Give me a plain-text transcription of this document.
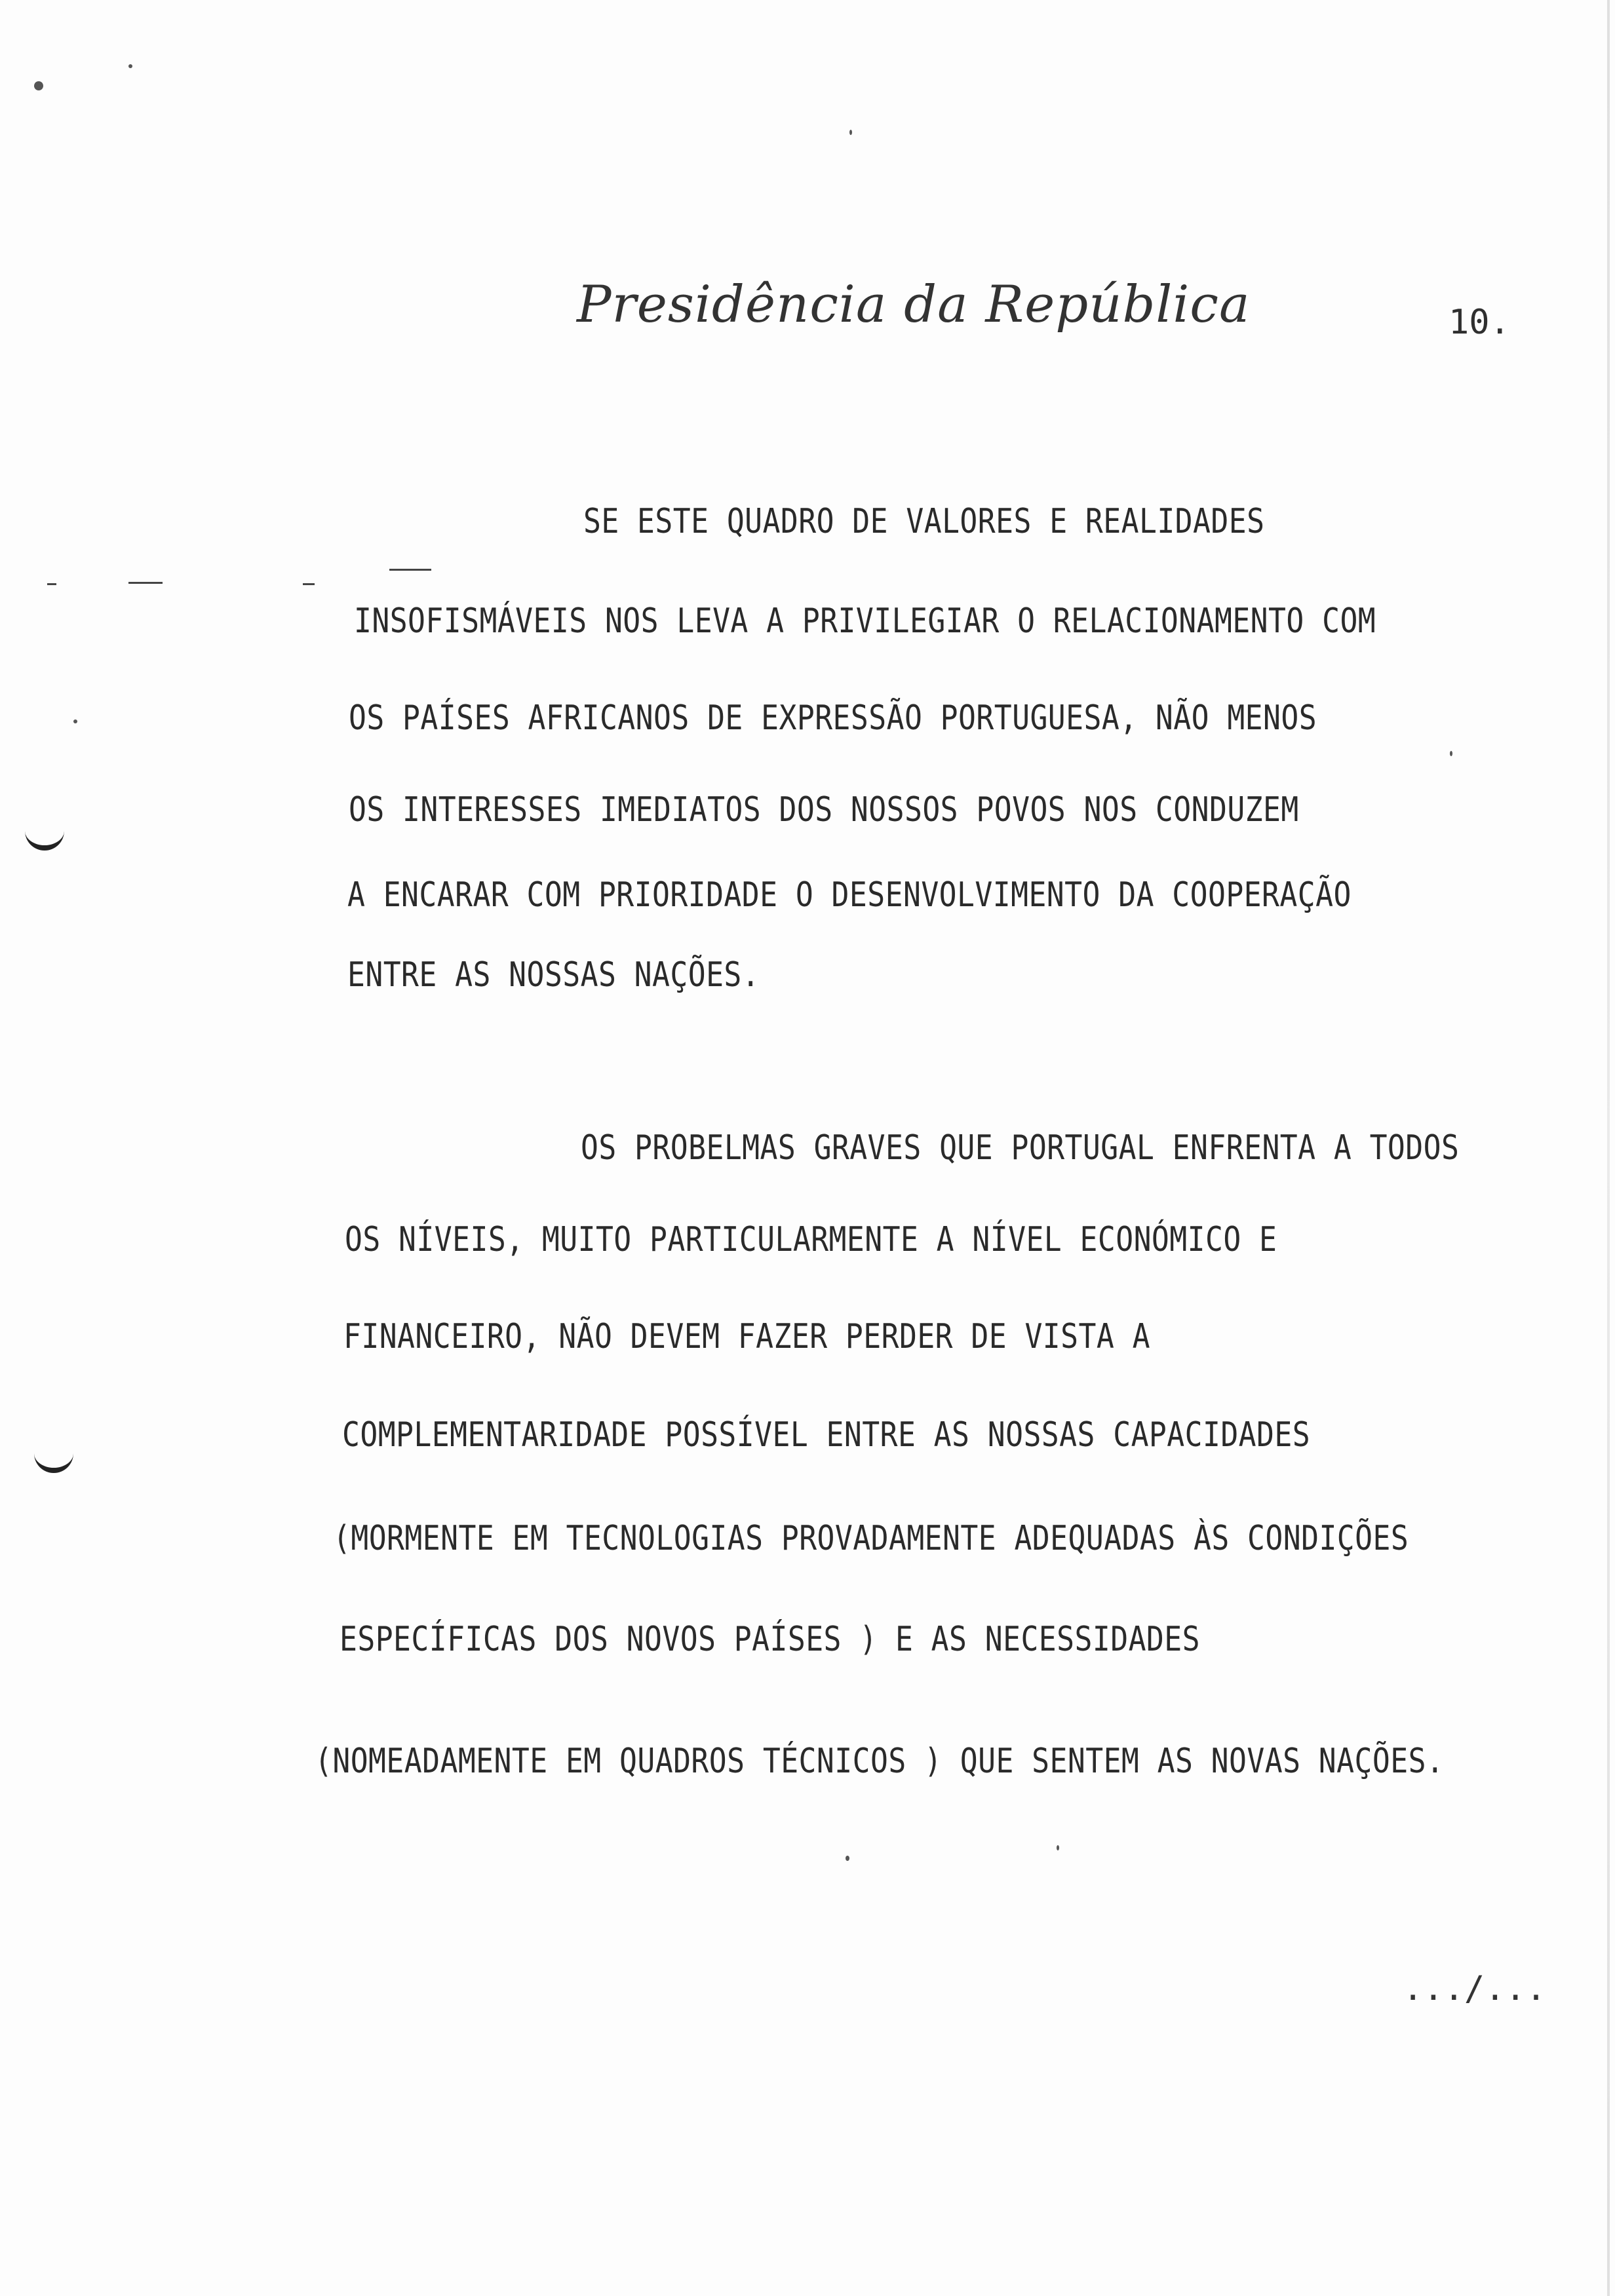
Presidência da República	10.
SE ESTE QUADRO DE VALORES E REALIDADES
INSOFISMÁVEIS NOS LEVA A PRIVILEGIAR O RELACIONAMENTO COM
OS PAÍSES AFRICANOS DE EXPRESSÃO PORTUGUESA, NÃO MENOS
OS INTERESSES IMEDIATOS DOS NOSSOS POVOS NOS CONDUZEM
A ENCARAR COM PRIORIDADE O DESENVOLVIMENTO DA COOPERAÇÃO
ENTRE AS NOSSAS NAÇÕES.
OS PROBELMAS GRAVES QUE PORTUGAL ENFRENTA A TODOS
OS NÍVEIS, MUITO PARTICULARMENTE A NÍVEL ECONÓMICO E
FINANCEIRO, NÃO DEVEM FAZER PERDER DE VISTA A
COMPLEMENTARIDADE POSSÍVEL ENTRE AS NOSSAS CAPACIDADES
(MORMENTE EM TECNOLOGIAS PROVADAMENTE ADEQUADAS ÀS CONDIÇÕES
ESPECÍFICAS DOS NOVOS PAÍSES ) E AS NECESSIDADES
(NOMEADAMENTE EM QUADROS TÉCNICOS ) QUE SENTEM AS NOVAS NAÇÕES.
.../...
